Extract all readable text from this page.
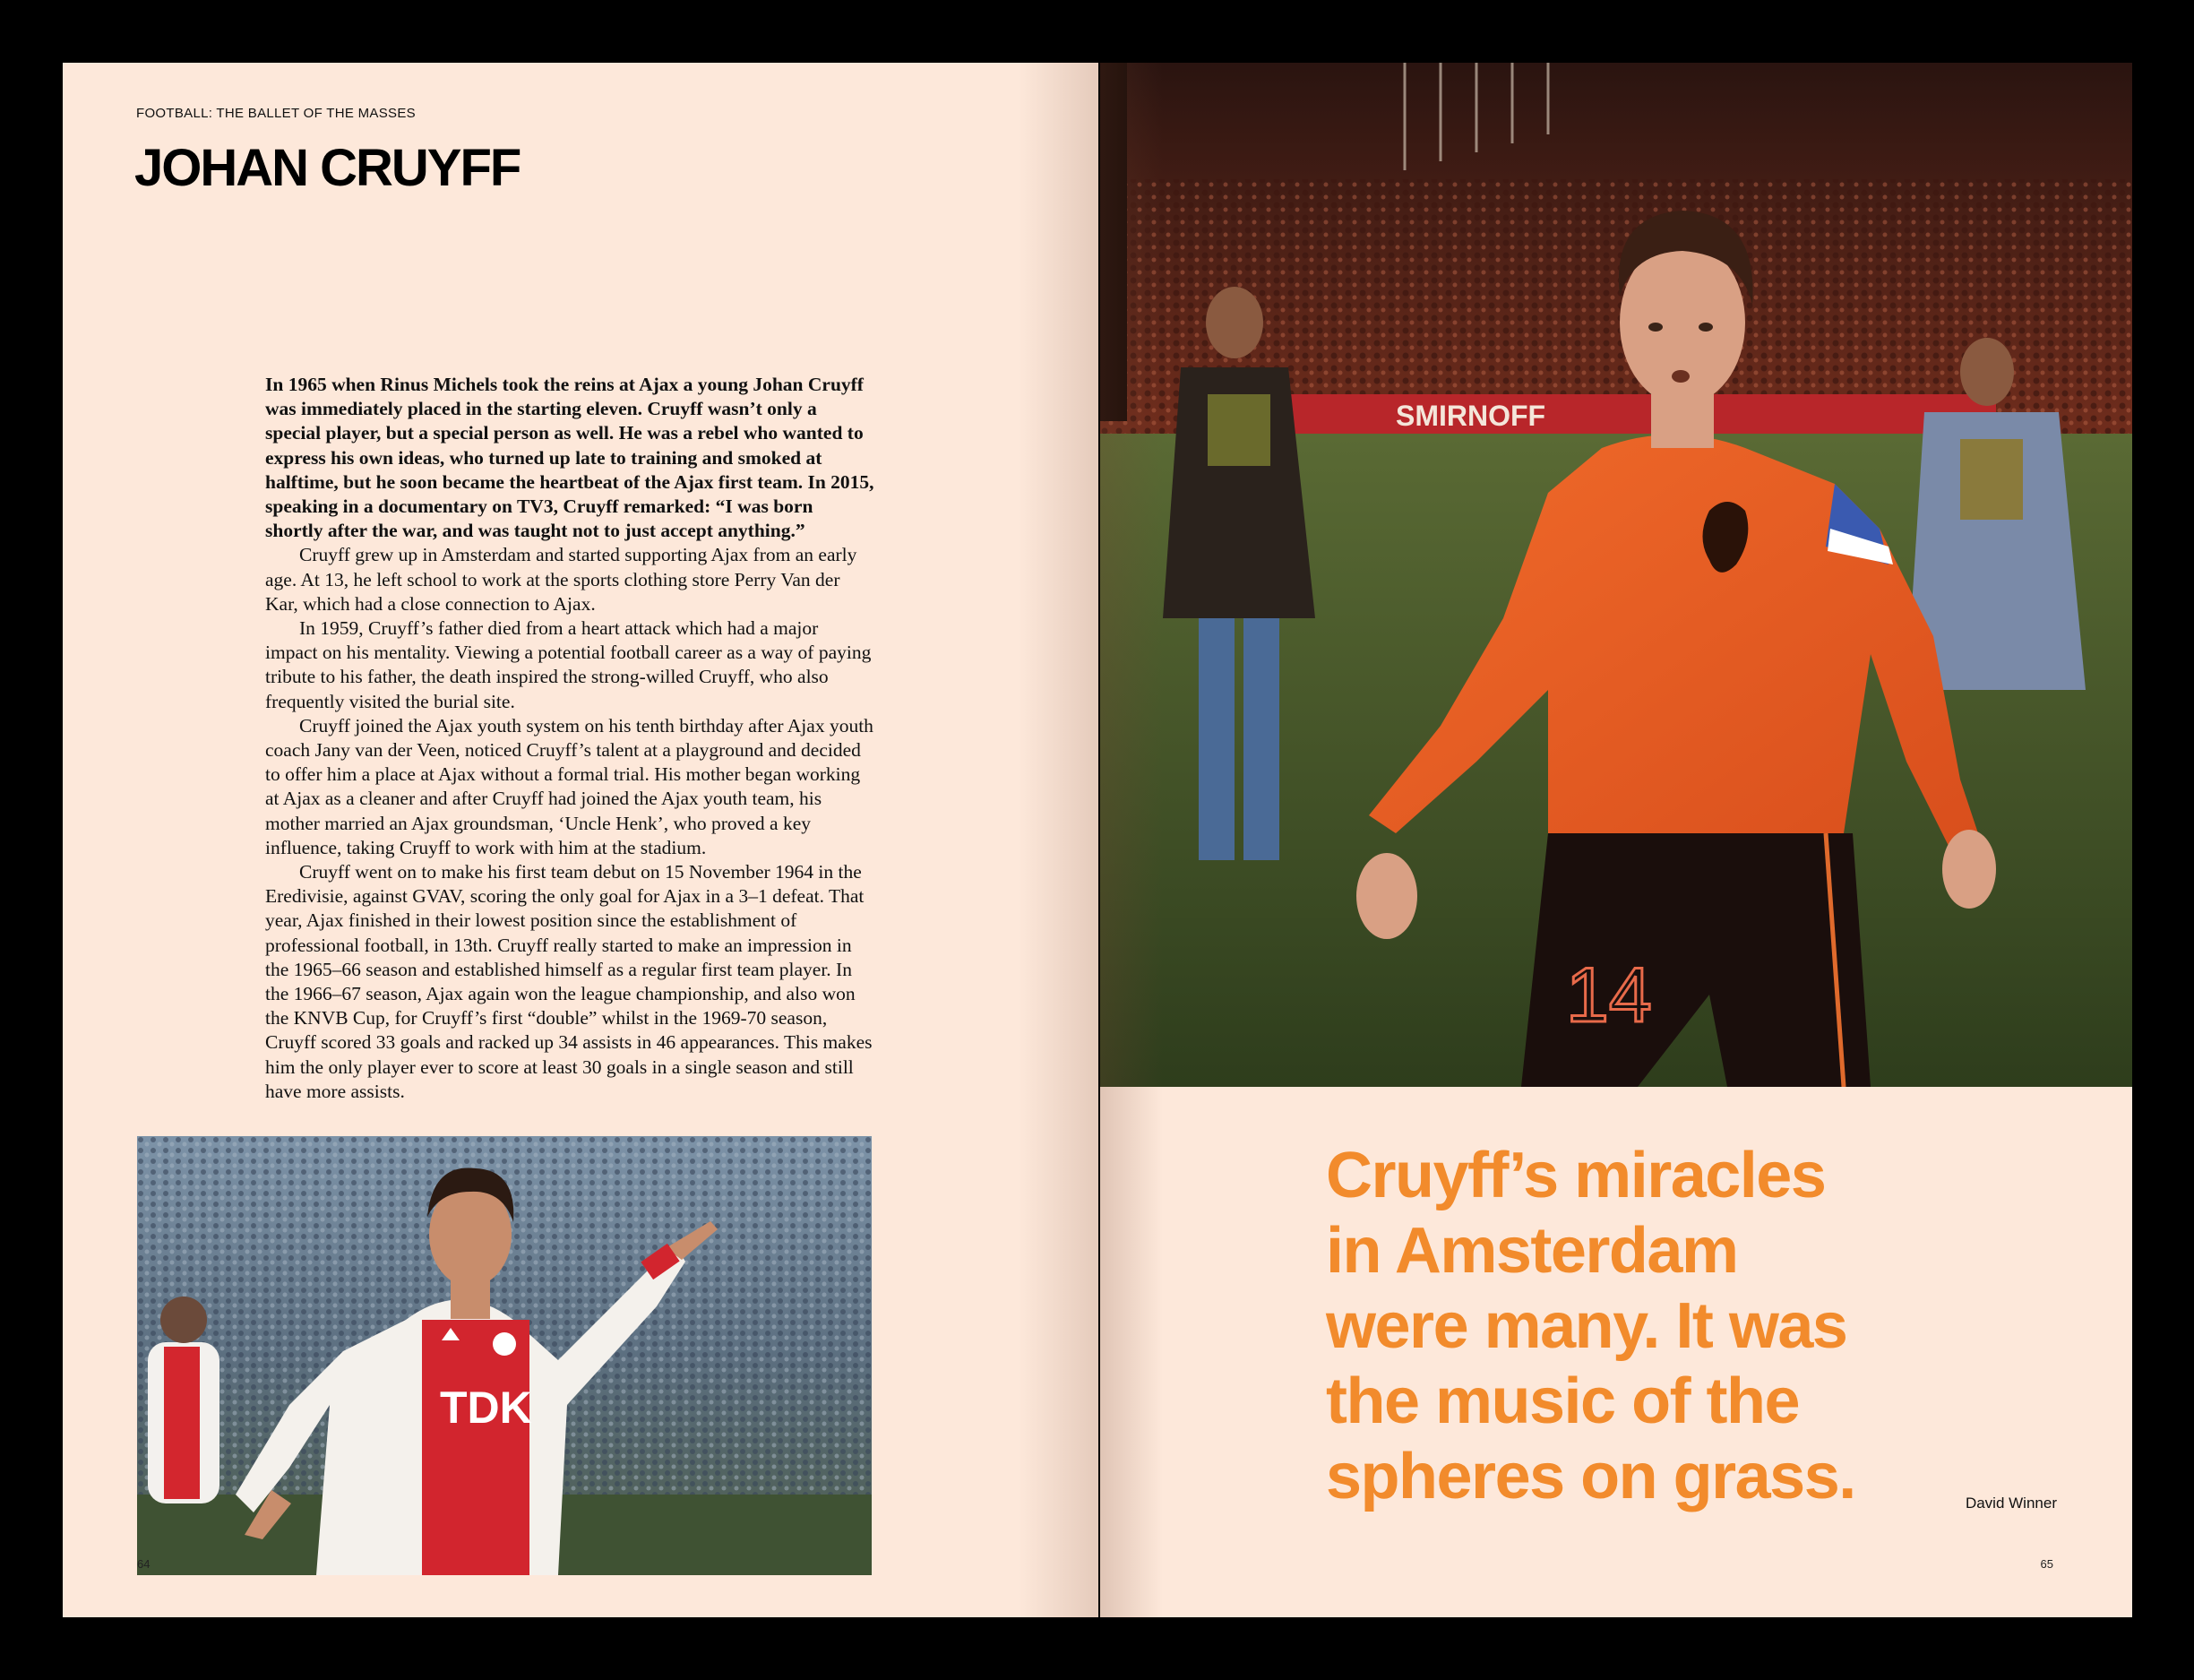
FOOTBALL: THE BALLET OF THE MASSES
JOHAN CRUYFF

In 1965 when Rinus Michels took the reins at Ajax a young Johan Cruyff was immediately placed in the starting eleven. Cruyff wasn’t only a special player, but a special person as well. He was a rebel who wanted to express his own ideas, who turned up late to training and smoked at halftime, but he soon became the heartbeat of the Ajax first team. In 2015, speaking in a documentary on TV3, Cruyff remarked: “I was born shortly after the war, and was taught not to just accept anything.”

Cruyff grew up in Amsterdam and started supporting Ajax from an early age. At 13, he left school to work at the sports clothing store Perry Van der Kar, which had a close connection to Ajax.

In 1959, Cruyff’s father died from a heart attack which had a major impact on his mentality. Viewing a potential football career as a way of paying tribute to his father, the death inspired the strong-willed Cruyff, who also frequently visited the burial site.

Cruyff joined the Ajax youth system on his tenth birthday after Ajax youth coach Jany van der Veen, noticed Cruyff’s talent at a playground and decided to offer him a place at Ajax without a formal trial. His mother began working at Ajax as a cleaner and after Cruyff had joined the Ajax youth team, his mother married an Ajax groundsman, ‘Uncle Henk’, who proved a key influence, taking Cruyff to work with him at the stadium.

Cruyff went on to make his first team debut on 15 November 1964 in the Eredivisie, against GVAV, scoring the only goal for Ajax in a 3–1 defeat. That year, Ajax finished in their lowest position since the establishment of professional football, in 13th. Cruyff really started to make an impression in the 1965–66 season and established himself as a regular first team player. In the 1966–67 season, Ajax again won the league championship, and also won the KNVB Cup, for Cruyff’s first “double” whilst in the 1969-70 season, Cruyff scored 33 goals and racked up 34 assists in 46 appearances. This makes him the only player ever to score at least 30 goals in a single season and still have more assists.

TDK
64
SMIRNOFF
14
Cruyff’s miracles
in Amsterdam
were many. It was
the music of the
spheres on grass.	David Winner
65
